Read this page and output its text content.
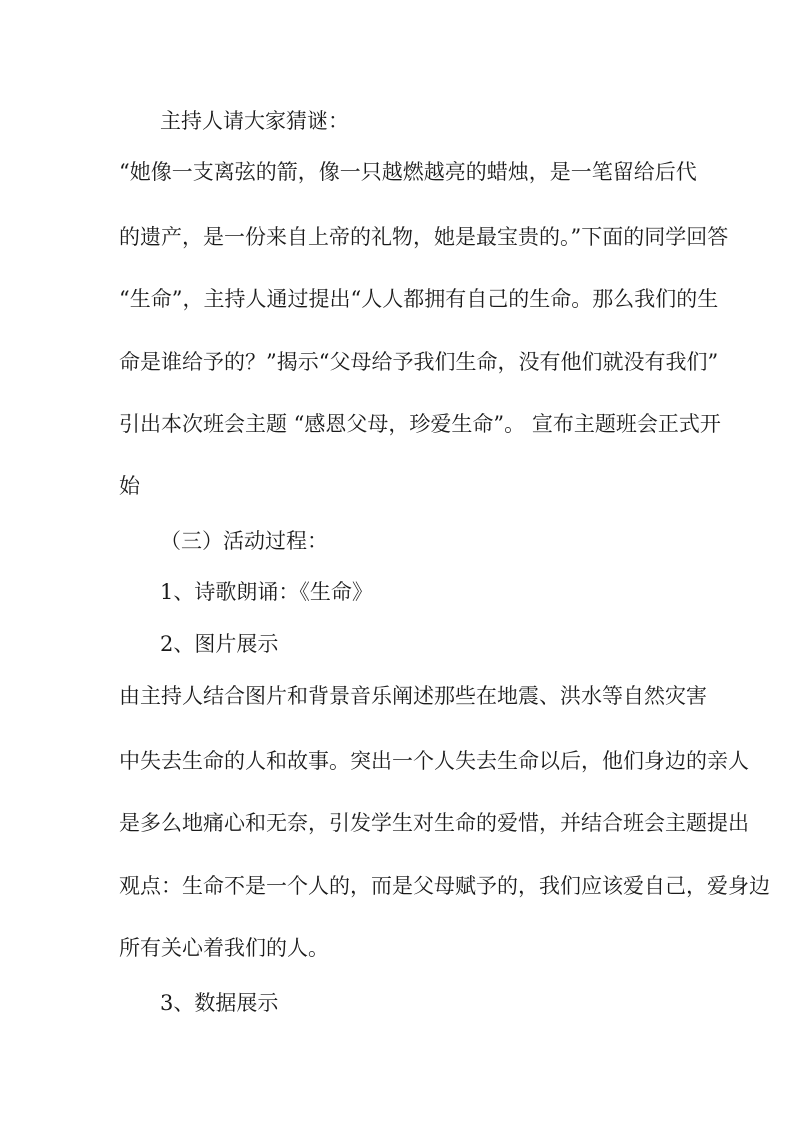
主持人请大家猜谜：
“她像一支离弦的箭，像一只越燃越亮的蜡烛，是一笔留给后代
的遗产，是一份来自上帝的礼物，她是最宝贵的。”下面的同学回答
“生命”，主持人通过提出“人人都拥有自己的生命。那么我们的生
命是谁给予的？”揭示“父母给予我们生命，没有他们就没有我们”
引出本次班会主题 “感恩父母，珍爱生命”。 宣布主题班会正式开
始
（三）活动过程：
1、诗歌朗诵：《生命》
2、图片展示
由主持人结合图片和背景音乐阐述那些在地震、洪水等自然灾害
中失去生命的人和故事。突出一个人失去生命以后，他们身边的亲人
是多么地痛心和无奈，引发学生对生命的爱惜，并结合班会主题提出
观点：生命不是一个人的，而是父母赋予的，我们应该爱自己，爱身边
所有关心着我们的人。
3、数据展示
